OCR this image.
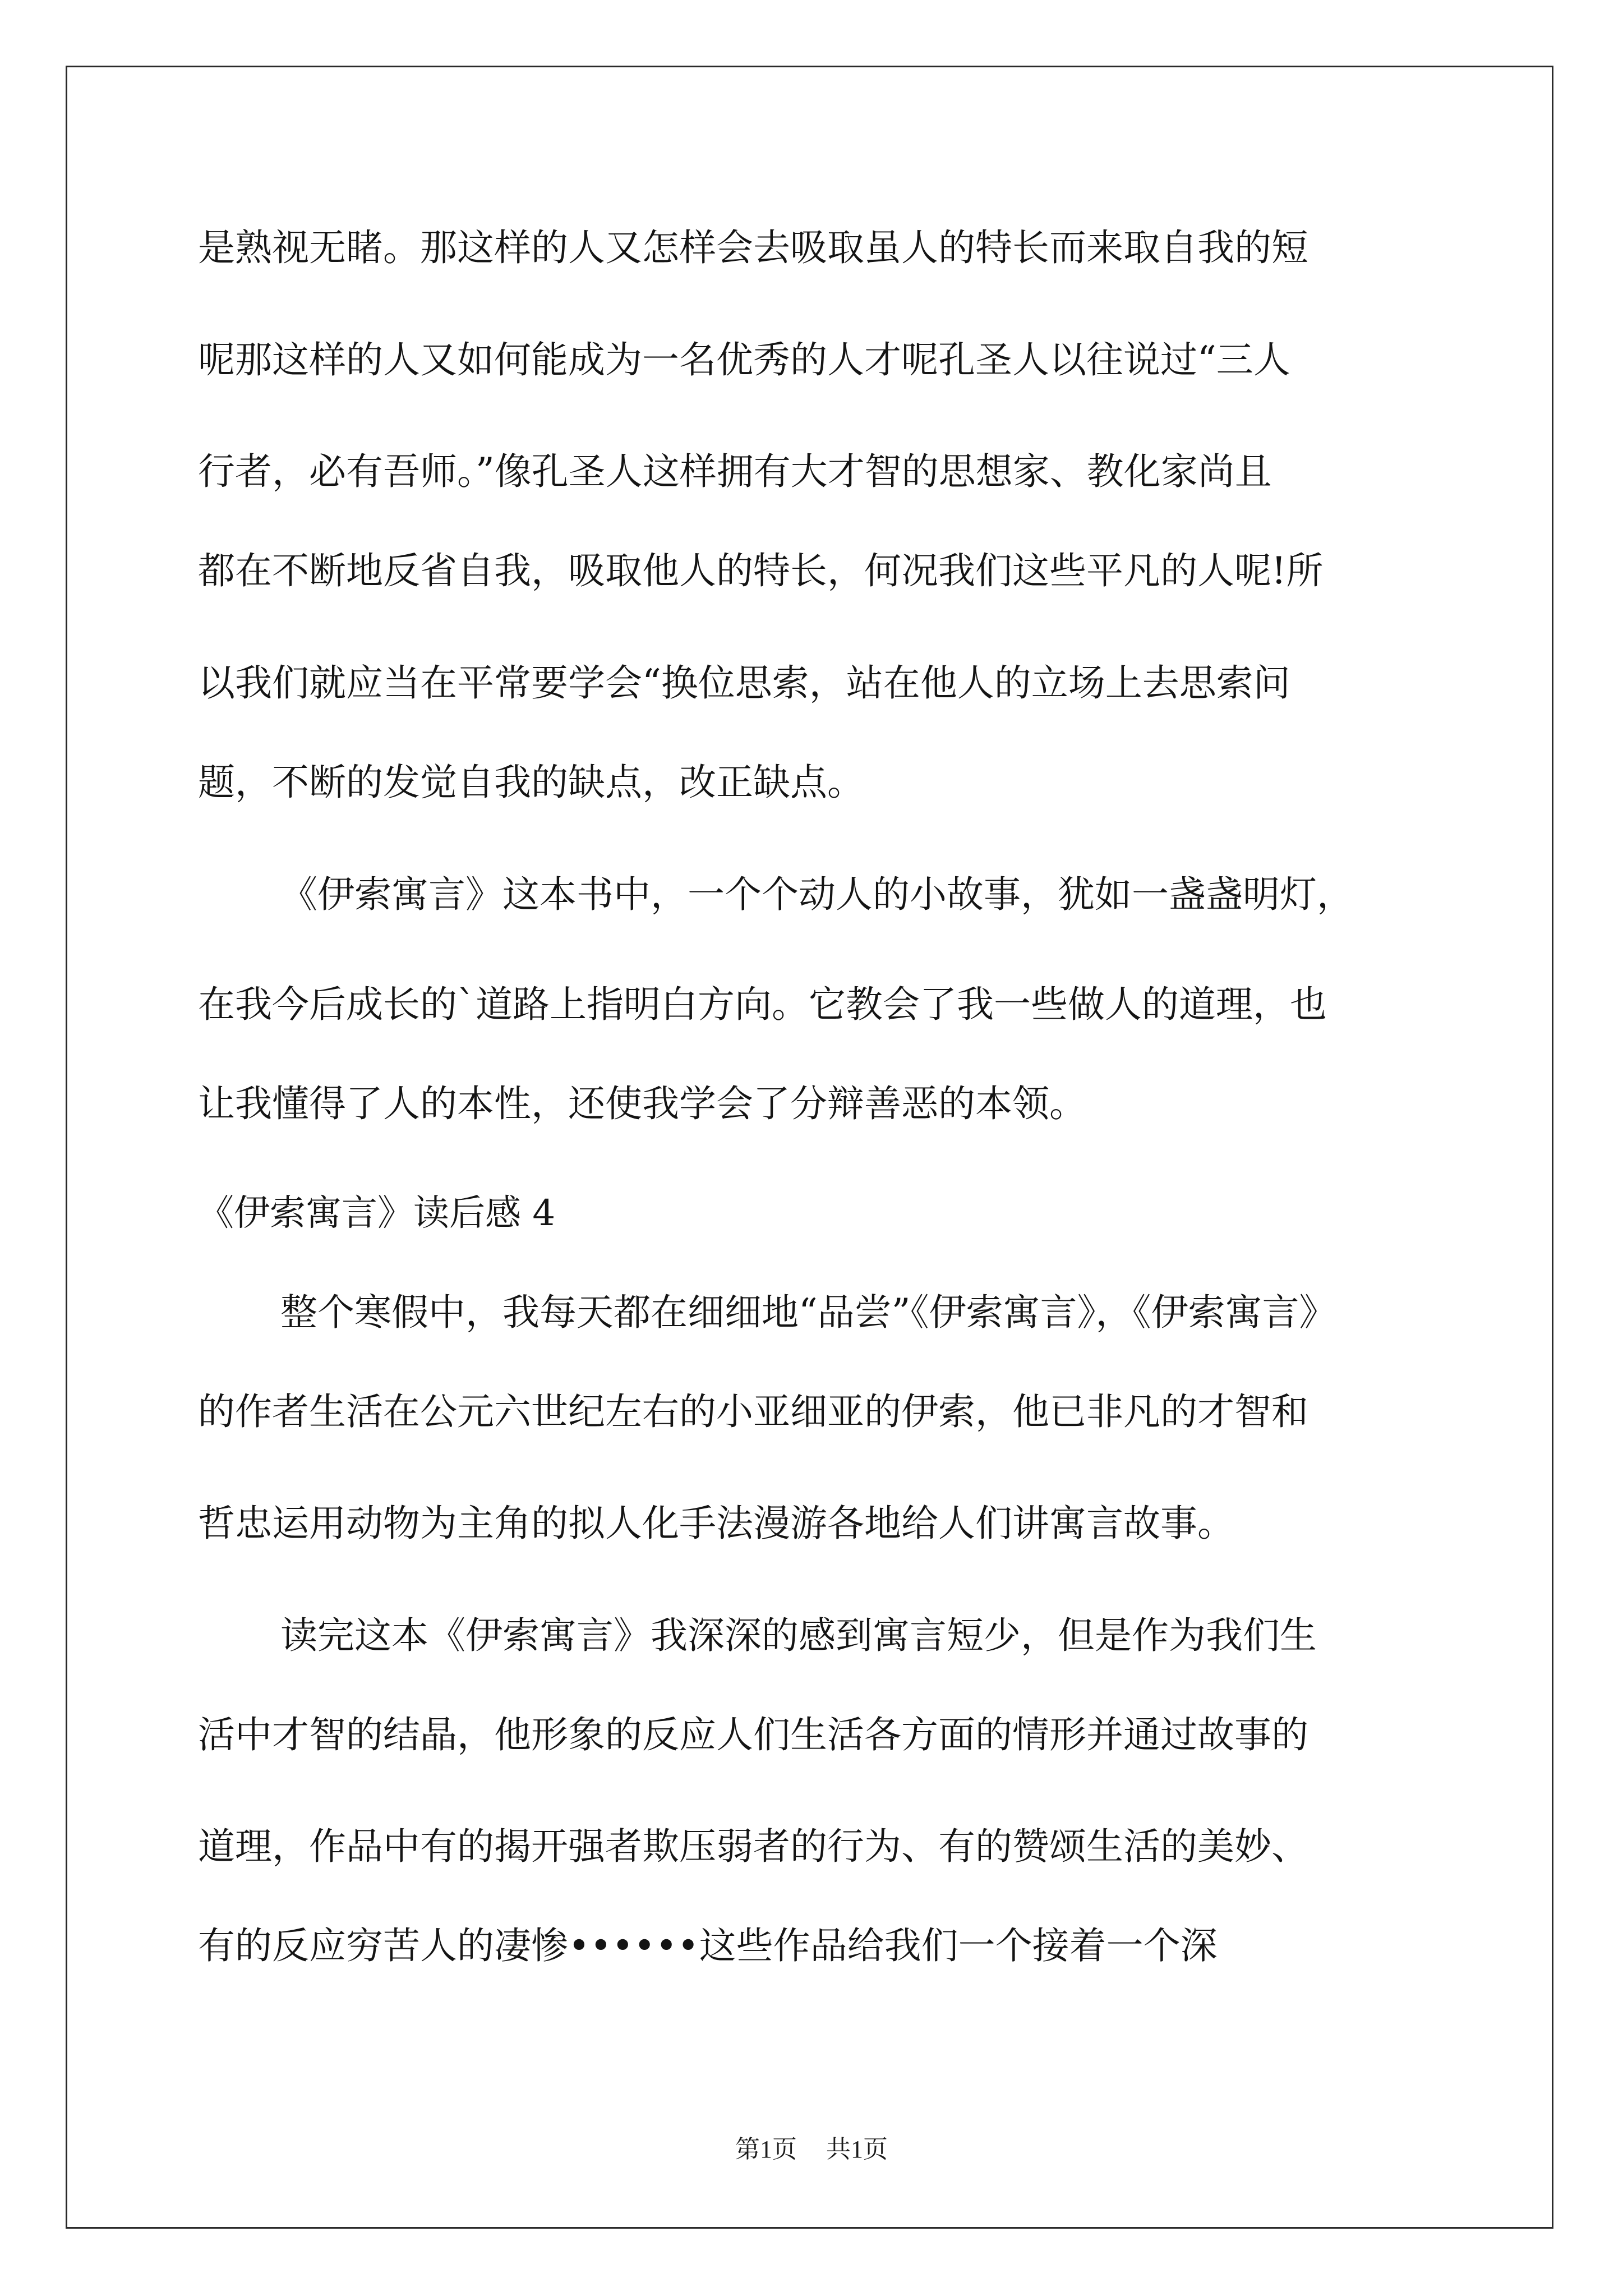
是熟视无睹。那这样的人又怎样会去吸取虽人的特长而来取自我的短
呢那这样的人又如何能成为一名优秀的人才呢孔圣人以往说过“三人
行者，必有吾师。”像孔圣人这样拥有大才智的思想家、教化家尚且
都在不断地反省自我，吸取他人的特长，何况我们这些平凡的人呢!所
以我们就应当在平常要学会“换位思索，站在他人的立场上去思索问
题，不断的发觉自我的缺点，改正缺点。
《伊索寓言》这本书中，一个个动人的小故事，犹如一盏盏明灯，
在我今后成长的`道路上指明白方向。它教会了我一些做人的道理，也
让我懂得了人的本性，还使我学会了分辩善恶的本领。
《伊索寓言》读后感 4
整个寒假中，我每天都在细细地“品尝”《伊索寓言》，《伊索寓言》
的作者生活在公元六世纪左右的小亚细亚的伊索，他已非凡的才智和
哲忠运用动物为主角的拟人化手法漫游各地给人们讲寓言故事。
读完这本《伊索寓言》我深深的感到寓言短少，但是作为我们生
活中才智的结晶，他形象的反应人们生活各方面的情形并通过故事的
道理，作品中有的揭开强者欺压弱者的行为、有的赞颂生活的美妙、
有的反应穷苦人的凄惨••••••这些作品给我们一个接着一个深
第1页 共1页
